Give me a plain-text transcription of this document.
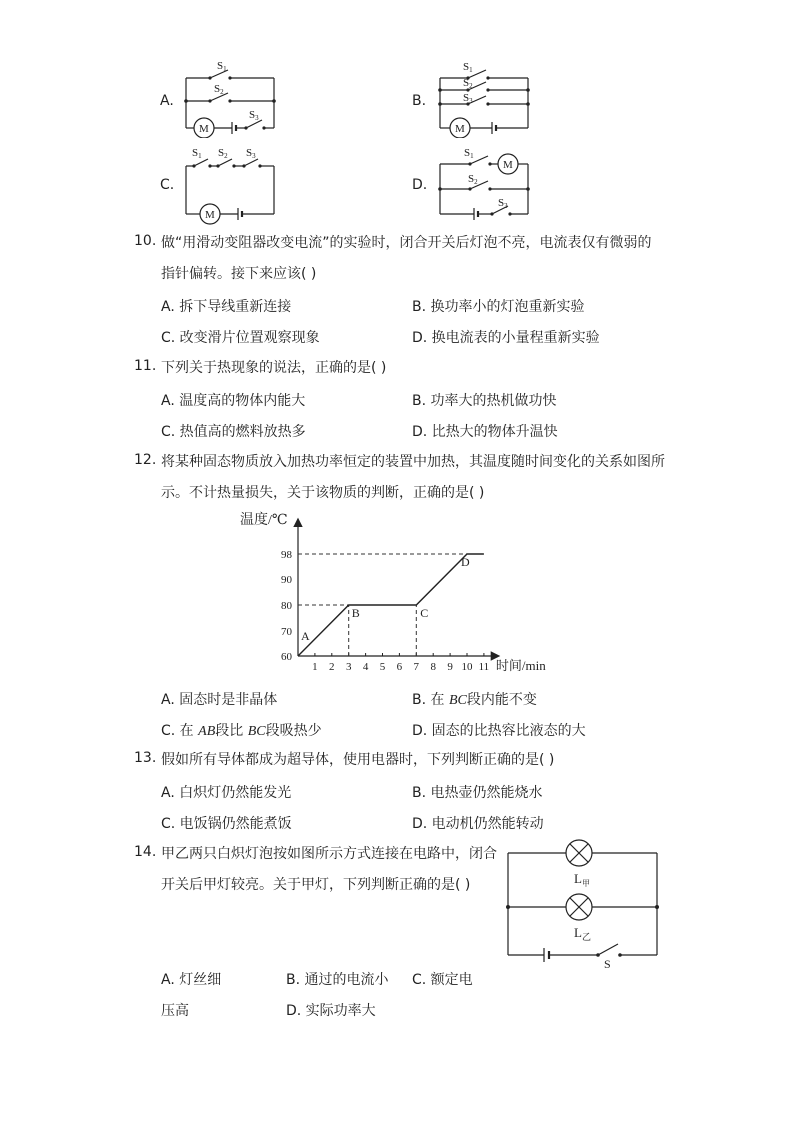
A.	B.
C.	D.
S1
S2
S3
M
S1
S2
S3
M
S1 S2 S3
M
S1
S2
S3
M
10. 做“用滑动变阻器改变电流”的实验时，闭合开关后灯泡不亮，电流表仅有微弱的
指针偏转。接下来应该( )
A. 拆下导线重新连接	B. 换功率小的灯泡重新实验
C. 改变滑片位置观察现象	D. 换电流表的小量程重新实验
11. 下列关于热现象的说法，正确的是( )
A. 温度高的物体内能大	B. 功率大的热机做功快
C. 热值高的燃料放热多	D. 比热大的物体升温快
12. 将某种固态物质放入加热功率恒定的装置中加热，其温度随时间变化的关系如图所
示。不计热量损失，关于该物质的判断，正确的是( )
温度/℃
时间/min
60
70
80
90
98
1 2 3 4 5 6 7 8 9 10 11
A
B	C
D
A. 固态时是非晶体	B. 在 BC段内能不变
C. 在 AB段比 BC段吸热少	D. 固态的比热容比液态的大
13. 假如所有导体都成为超导体，使用电器时，下列判断正确的是( )
A. 白炽灯仍然能发光	B. 电热壶仍然能烧水
C. 电饭锅仍然能煮饭	D. 电动机仍然能转动
14. 甲乙两只白炽灯泡按如图所示方式连接在电路中，闭合
开关后甲灯较亮。关于甲灯，下列判断正确的是( )	$L_甲$
$L_乙$
S
A. 灯丝细	B. 通过的电流小 C. 额定电
压高	D. 实际功率大
